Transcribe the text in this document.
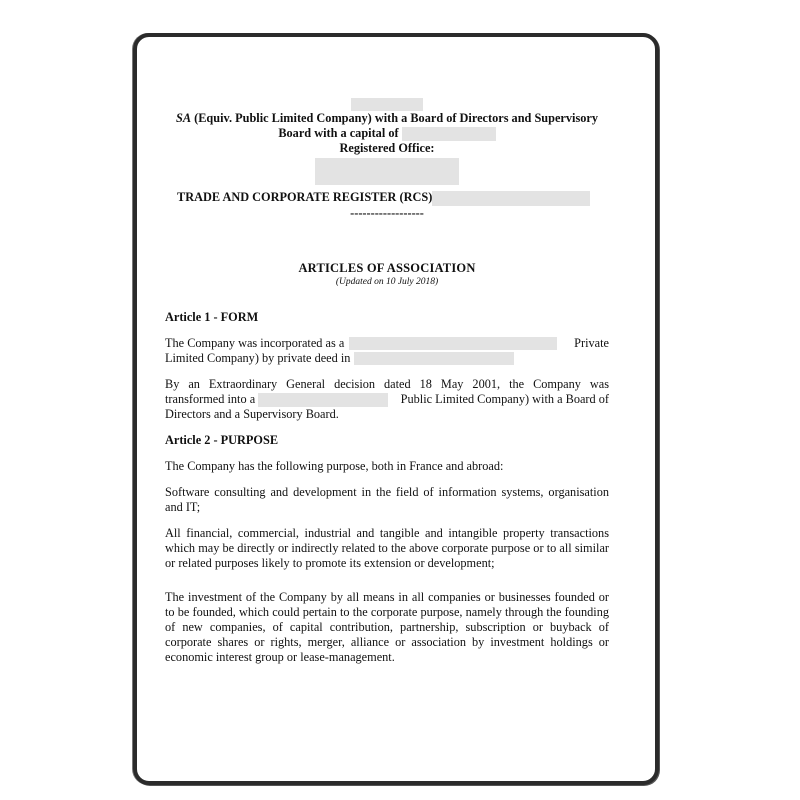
SA (Equiv. Public Limited Company) with a Board of Directors and Supervisory

Board with a capital of

Registered Office:

TRADE AND CORPORATE REGISTER (RCS)

------------------

ARTICLES OF ASSOCIATION

(Updated on 10 July 2018)

Article 1 - FORM

The Company was incorporated as a	Private

Limited Company) by private deed in

By an Extraordinary General decision dated 18 May 2001, the Company was
transformed into a	Public Limited Company) with a Board of

Directors and a Supervisory Board.

Article 2 - PURPOSE

The Company has the following purpose, both in France and abroad:

Software consulting and development in the field of information systems, organisation and IT;

All financial, commercial, industrial and tangible and intangible property transactions which may be directly or indirectly related to the above corporate purpose or to all similar or related purposes likely to promote its extension or development;

The investment of the Company by all means in all companies or businesses founded or to be founded, which could pertain to the corporate purpose, namely through the founding of new companies, of capital contribution, partnership, subscription or buyback of corporate shares or rights, merger, alliance or association by investment holdings or economic interest group or lease-management.
